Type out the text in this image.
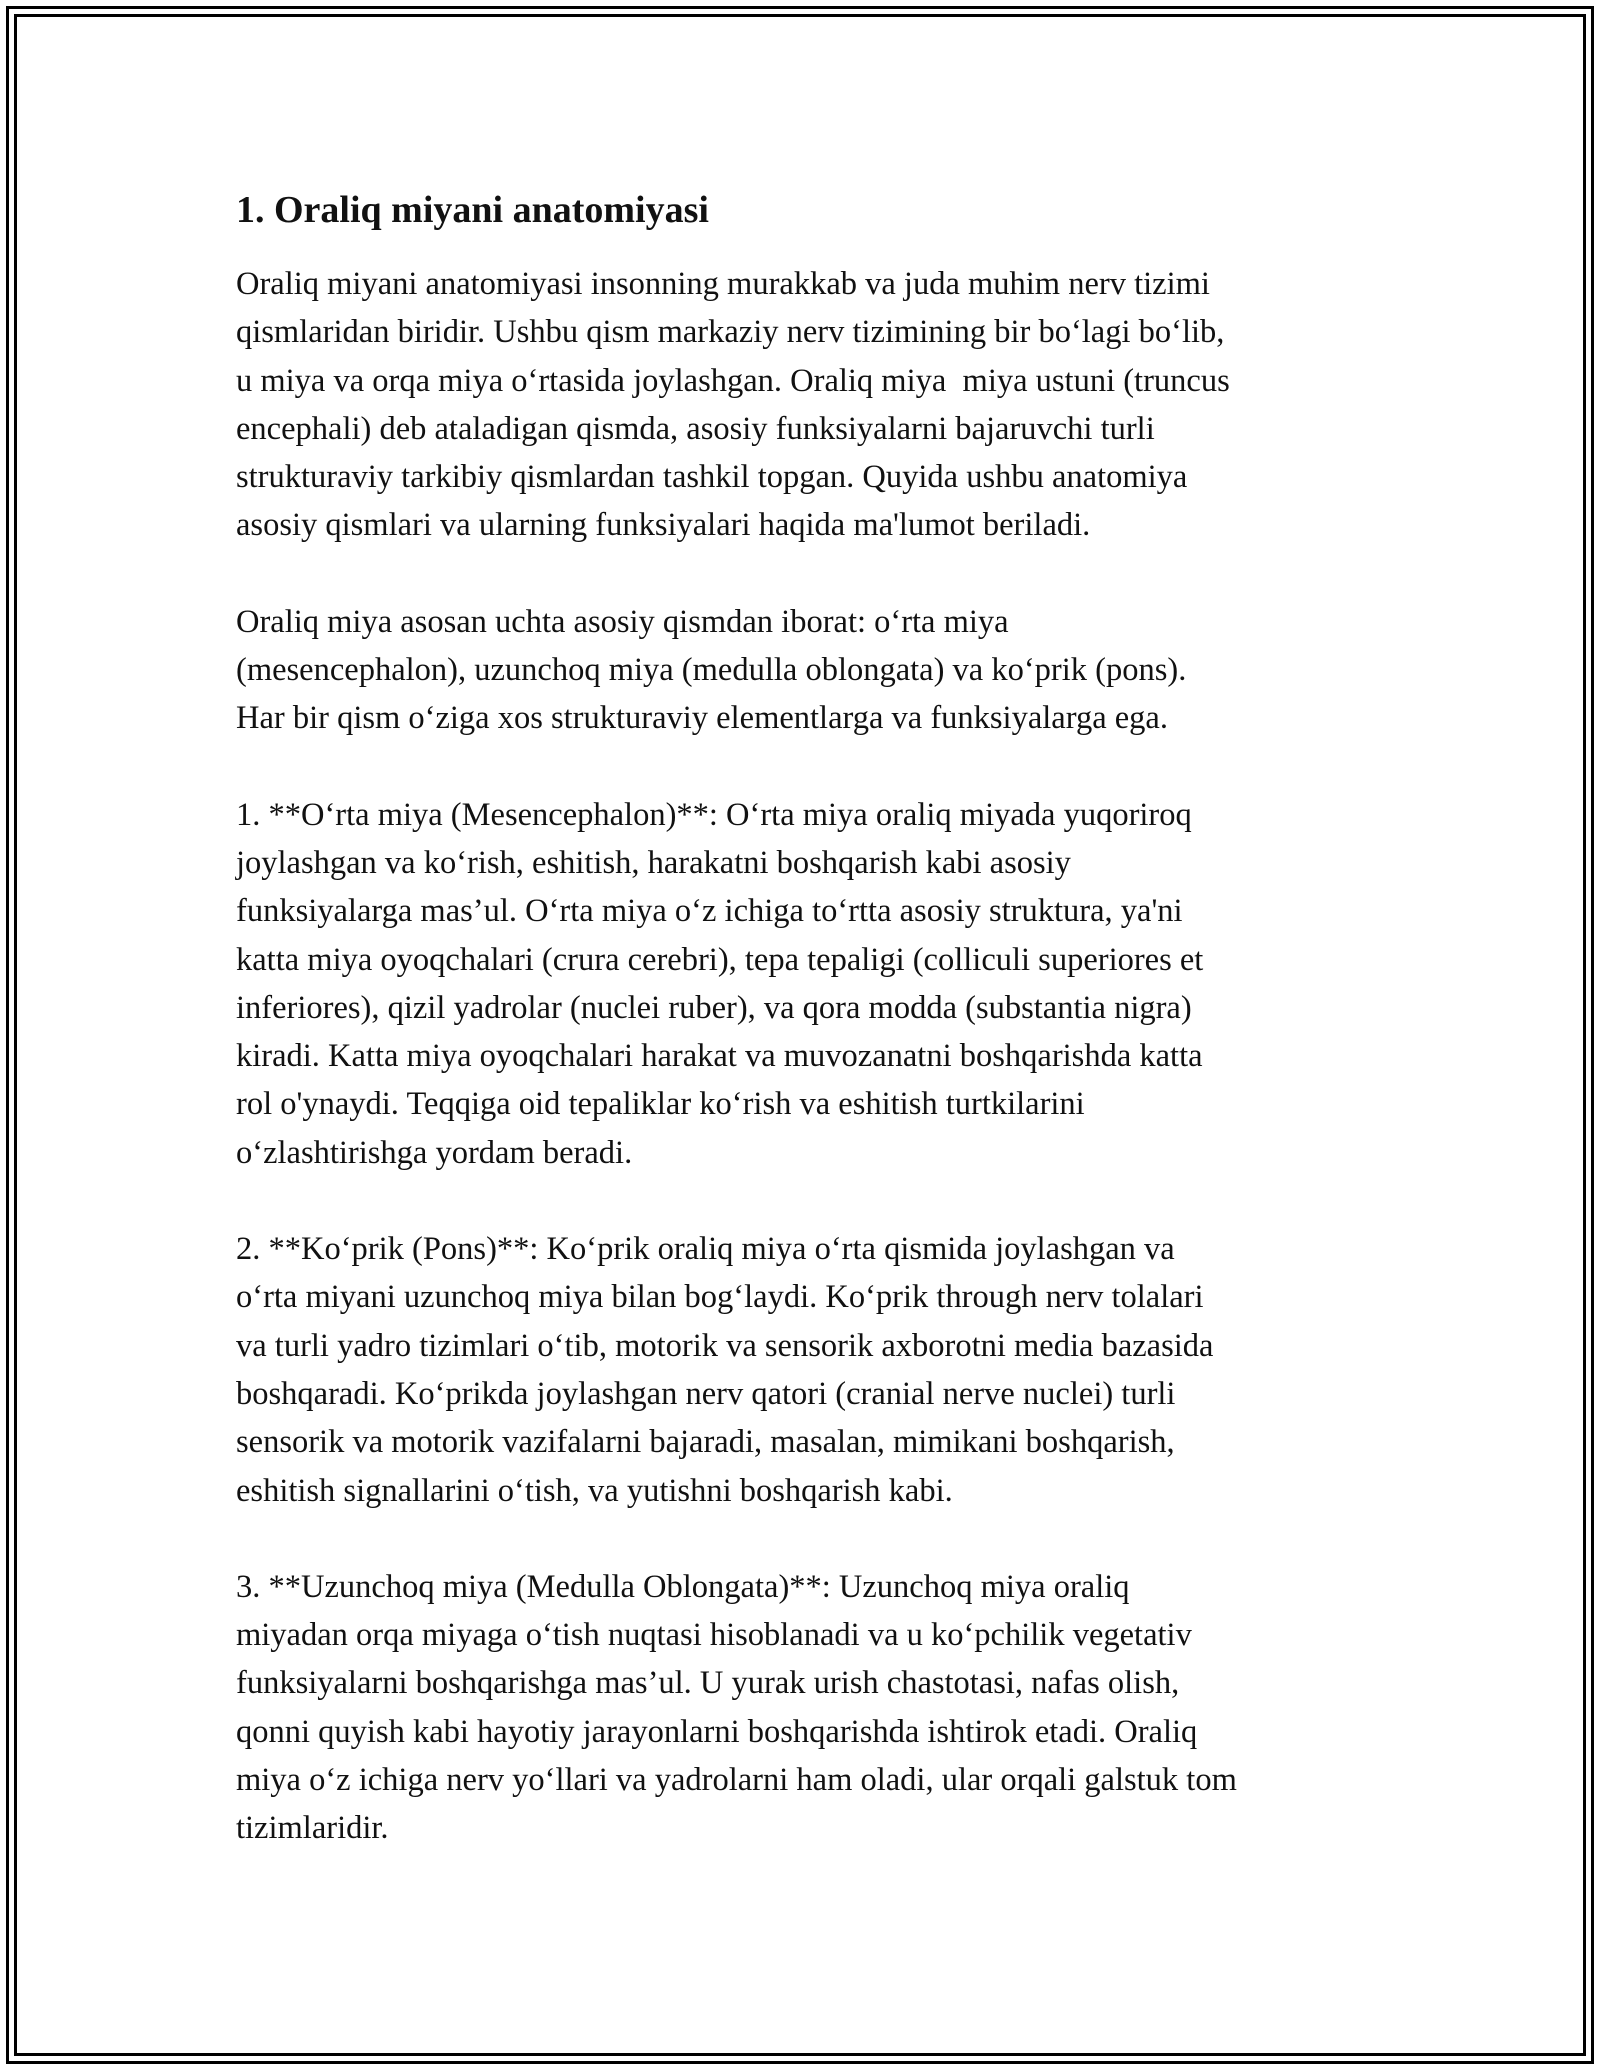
1. Oraliq miyani anatomiyasi

Oraliq miyani anatomiyasi insonning murakkab va juda muhim nerv tizimi
qismlaridan biridir. Ushbu qism markaziy nerv tizimining bir bo‘lagi bo‘lib,
u miya va orqa miya o‘rtasida joylashgan. Oraliq miya  miya ustuni (truncus
encephali) deb ataladigan qismda, asosiy funksiyalarni bajaruvchi turli
strukturaviy tarkibiy qismlardan tashkil topgan. Quyida ushbu anatomiya
asosiy qismlari va ularning funksiyalari haqida ma'lumot beriladi.

Oraliq miya asosan uchta asosiy qismdan iborat: o‘rta miya
(mesencephalon), uzunchoq miya (medulla oblongata) va ko‘prik (pons).
Har bir qism o‘ziga xos strukturaviy elementlarga va funksiyalarga ega.

1. **O‘rta miya (Mesencephalon)**: O‘rta miya oraliq miyada yuqoriroq
joylashgan va ko‘rish, eshitish, harakatni boshqarish kabi asosiy
funksiyalarga mas’ul. O‘rta miya o‘z ichiga to‘rtta asosiy struktura, ya'ni
katta miya oyoqchalari (crura cerebri), tepa tepaligi (colliculi superiores et
inferiores), qizil yadrolar (nuclei ruber), va qora modda (substantia nigra)
kiradi. Katta miya oyoqchalari harakat va muvozanatni boshqarishda katta
rol o'ynaydi. Teqqiga oid tepaliklar ko‘rish va eshitish turtkilarini
o‘zlashtirishga yordam beradi.

2. **Ko‘prik (Pons)**: Ko‘prik oraliq miya o‘rta qismida joylashgan va
o‘rta miyani uzunchoq miya bilan bog‘laydi. Ko‘prik through nerv tolalari
va turli yadro tizimlari o‘tib, motorik va sensorik axborotni media bazasida
boshqaradi. Ko‘prikda joylashgan nerv qatori (cranial nerve nuclei) turli
sensorik va motorik vazifalarni bajaradi, masalan, mimikani boshqarish,
eshitish signallarini o‘tish, va yutishni boshqarish kabi.

3. **Uzunchoq miya (Medulla Oblongata)**: Uzunchoq miya oraliq
miyadan orqa miyaga o‘tish nuqtasi hisoblanadi va u ko‘pchilik vegetativ
funksiyalarni boshqarishga mas’ul. U yurak urish chastotasi, nafas olish,
qonni quyish kabi hayotiy jarayonlarni boshqarishda ishtirok etadi. Oraliq
miya o‘z ichiga nerv yo‘llari va yadrolarni ham oladi, ular orqali galstuk tom
tizimlaridir.
